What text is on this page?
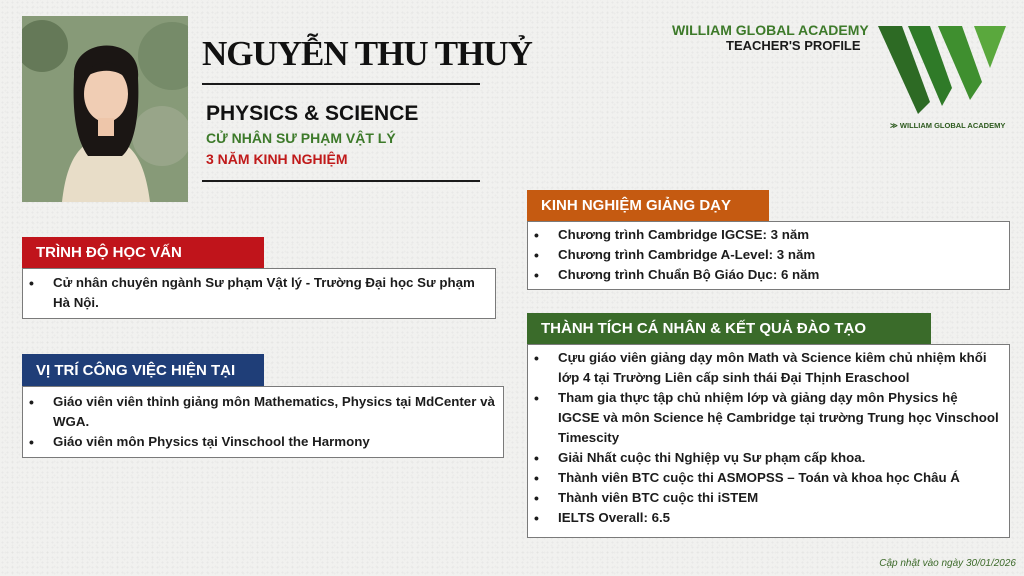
NGUYỄN THU THUỶ
PHYSICS & SCIENCE
CỬ NHÂN SƯ PHẠM VẬT LÝ
3 NĂM KINH NGHIỆM
WILLIAM GLOBAL ACADEMY
TEACHER'S PROFILE
≫ WILLIAM GLOBAL ACADEMY
TRÌNH ĐỘ HỌC VẤN
• Cử nhân chuyên ngành Sư phạm Vật lý - Trường Đại học Sư phạm Hà Nội.
VỊ TRÍ CÔNG VIỆC HIỆN TẠI
• Giáo viên viên thỉnh giảng môn Mathematics, Physics tại MdCenter và WGA.
• Giáo viên môn Physics tại Vinschool the Harmony
KINH NGHIỆM GIẢNG DẠY
• Chương trình Cambridge IGCSE: 3 năm
• Chương trình Cambridge A-Level: 3 năm
• Chương trình Chuẩn Bộ Giáo Dục: 6 năm
THÀNH TÍCH CÁ NHÂN & KẾT QUẢ ĐÀO TẠO
• Cựu giáo viên giảng dạy môn Math và Science kiêm chủ nhiệm khối lớp 4 tại Trường Liên cấp sinh thái Đại Thịnh Eraschool
• Tham gia thực tập chủ nhiệm lớp và giảng dạy môn Physics hệ IGCSE và môn Science hệ Cambridge tại trường Trung học Vinschool Timescity
• Giải Nhất cuộc thi Nghiệp vụ Sư phạm cấp khoa.
• Thành viên BTC cuộc thi ASMOPSS – Toán và khoa học Châu Á
• Thành viên BTC cuộc thi iSTEM
• IELTS Overall: 6.5
Cập nhật vào ngày 30/01/2026
